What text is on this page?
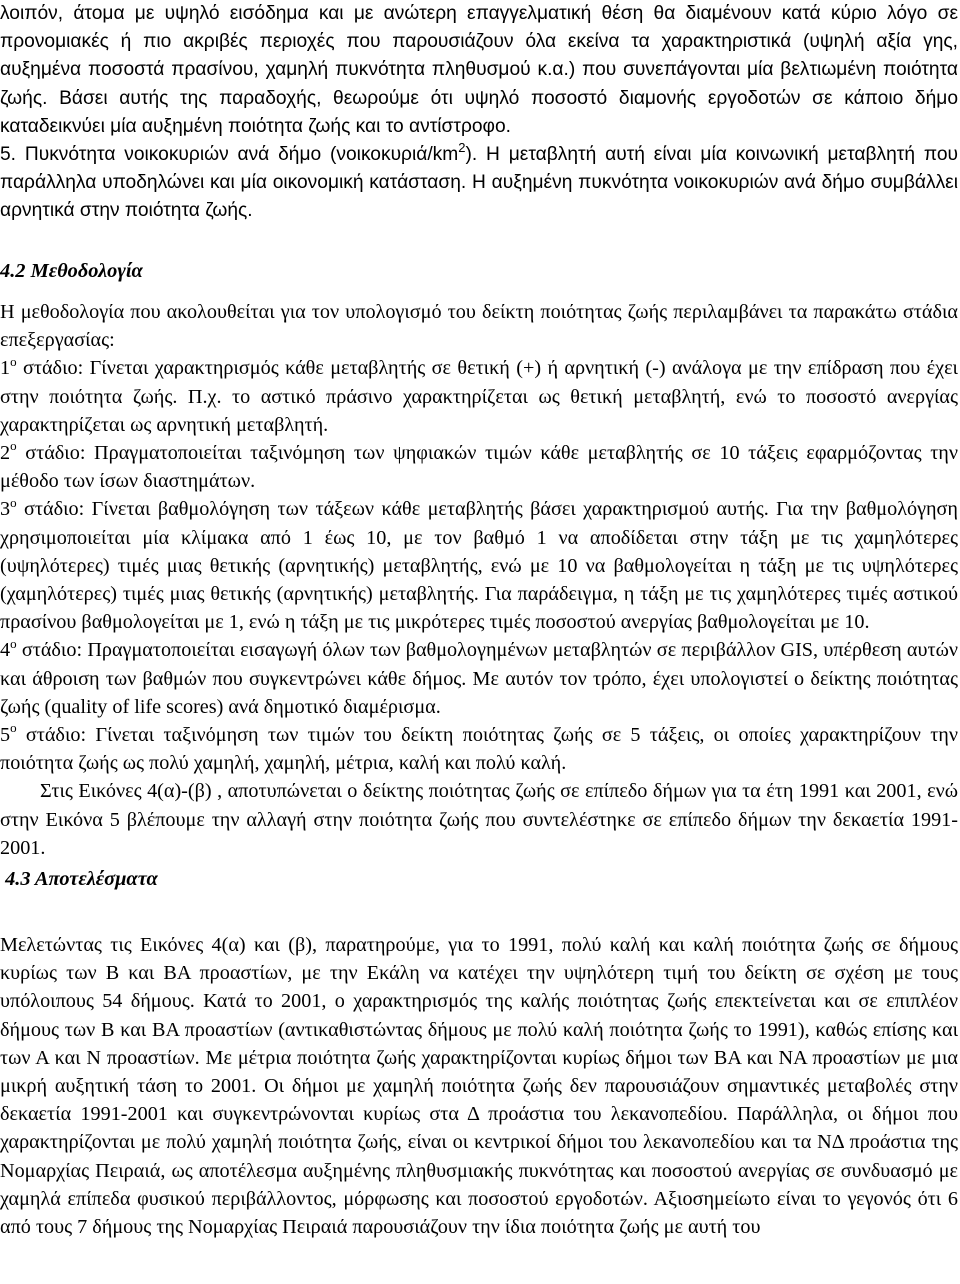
λοιπόν, άτομα με υψηλό εισόδημα και με ανώτερη επαγγελματική θέση θα διαμένουν κατά κύριο λόγο σε προνομιακές ή πιο ακριβές περιοχές που παρουσιάζουν όλα εκείνα τα χαρακτηριστικά (υψηλή αξία γης, αυξημένα ποσοστά πρασίνου, χαμηλή πυκνότητα πληθυσμού κ.α.) που συνεπάγονται μία βελτιωμένη ποιότητα ζωής. Βάσει αυτής της παραδοχής, θεωρούμε ότι υψηλό ποσοστό διαμονής εργοδοτών σε κάποιο δήμο καταδεικνύει μία αυξημένη ποιότητα ζωής και το αντίστροφο.

5. Πυκνότητα νοικοκυριών ανά δήμο $(\nu o\iota\kappa o\kappa\upsilon\rho\iota ά/km^2)$. Η μεταβλητή αυτή είναι μία κοινωνική μεταβλητή που παράλληλα υποδηλώνει και μία οικονομική κατάσταση. Η αυξημένη πυκνότητα νοικοκυριών ανά δήμο συμβάλλει αρνητικά στην ποιότητα ζωής.

4.2 Μεθοδολογία

Η μεθοδολογία που ακολουθείται για τον υπολογισμό του δείκτη ποιότητας ζωής περιλαμβάνει τα παρακάτω στάδια επεξεργασίας:

$1^o$ στάδιο: Γίνεται χαρακτηρισμός κάθε μεταβλητής σε θετική (+) ή αρνητική (-) ανάλογα με την επίδραση που έχει στην ποιότητα ζωής. Π.χ. το αστικό πράσινο χαρακτηρίζεται ως θετική μεταβλητή, ενώ το ποσοστό ανεργίας χαρακτηρίζεται ως αρνητική μεταβλητή.

$2^o$ στάδιο: Πραγματοποιείται ταξινόμηση των ψηφιακών τιμών κάθε μεταβλητής σε 10 τάξεις εφαρμόζοντας την μέθοδο των ίσων διαστημάτων.

$3^o$ στάδιο: Γίνεται βαθμολόγηση των τάξεων κάθε μεταβλητής βάσει χαρακτηρισμού αυτής. Για την βαθμολόγηση χρησιμοποιείται μία κλίμακα από 1 έως 10, με τον βαθμό 1 να αποδίδεται στην τάξη με τις χαμηλότερες (υψηλότερες) τιμές μιας θετικής (αρνητικής) μεταβλητής, ενώ με 10 να βαθμολογείται η τάξη με τις υψηλότερες (χαμηλότερες) τιμές μιας θετικής (αρνητικής) μεταβλητής. Για παράδειγμα, η τάξη με τις χαμηλότερες τιμές αστικού πρασίνου βαθμολογείται με 1, ενώ η τάξη με τις μικρότερες τιμές ποσοστού ανεργίας βαθμολογείται με 10.

$4^o$ στάδιο: Πραγματοποιείται εισαγωγή όλων των βαθμολογημένων μεταβλητών σε περιβάλλον GIS, υπέρθεση αυτών και άθροιση των βαθμών που συγκεντρώνει κάθε δήμος. Με αυτόν τον τρόπο, έχει υπολογιστεί ο δείκτης ποιότητας ζωής (quality of life scores) ανά δημοτικό διαμέρισμα.

$5^o$ στάδιο: Γίνεται ταξινόμηση των τιμών του δείκτη ποιότητας ζωής σε 5 τάξεις, οι οποίες χαρακτηρίζουν την ποιότητα ζωής ως πολύ χαμηλή, χαμηλή, μέτρια, καλή και πολύ καλή.

Στις Εικόνες 4(α)-(β) , αποτυπώνεται ο δείκτης ποιότητας ζωής σε επίπεδο δήμων για τα έτη 1991 και 2001, ενώ στην Εικόνα 5 βλέπουμε την αλλαγή στην ποιότητα ζωής που συντελέστηκε σε επίπεδο δήμων την δεκαετία 1991-2001.

4.3 Αποτελέσματα

Μελετώντας τις Εικόνες 4(α) και (β), παρατηρούμε, για το 1991, πολύ καλή και καλή ποιότητα ζωής σε δήμους κυρίως των Β και ΒΑ προαστίων, με την Εκάλη να κατέχει την υψηλότερη τιμή του δείκτη σε σχέση με τους υπόλοιπους 54 δήμους. Κατά το 2001, ο χαρακτηρισμός της καλής ποιότητας ζωής επεκτείνεται και σε επιπλέον δήμους των Β και ΒΑ προαστίων (αντικαθιστώντας δήμους με πολύ καλή ποιότητα ζωής το 1991), καθώς επίσης και των Α και Ν προαστίων. Με μέτρια ποιότητα ζωής χαρακτηρίζονται κυρίως δήμοι των ΒΑ και ΝΑ προαστίων με μια μικρή αυξητική τάση το 2001. Οι δήμοι με χαμηλή ποιότητα ζωής δεν παρουσιάζουν σημαντικές μεταβολές στην δεκαετία 1991-2001 και συγκεντρώνονται κυρίως στα Δ προάστια του λεκανοπεδίου. Παράλληλα, οι δήμοι που χαρακτηρίζονται με πολύ χαμηλή ποιότητα ζωής, είναι οι κεντρικοί δήμοι του λεκανοπεδίου και τα ΝΔ προάστια της Νομαρχίας Πειραιά, ως αποτέλεσμα αυξημένης πληθυσμιακής πυκνότητας και ποσοστού ανεργίας σε συνδυασμό με χαμηλά επίπεδα φυσικού περιβάλλοντος, μόρφωσης και ποσοστού εργοδοτών. Αξιοσημείωτο είναι το γεγονός ότι 6 από τους 7 δήμους της Νομαρχίας Πειραιά παρουσιάζουν την ίδια ποιότητα ζωής με αυτή του
